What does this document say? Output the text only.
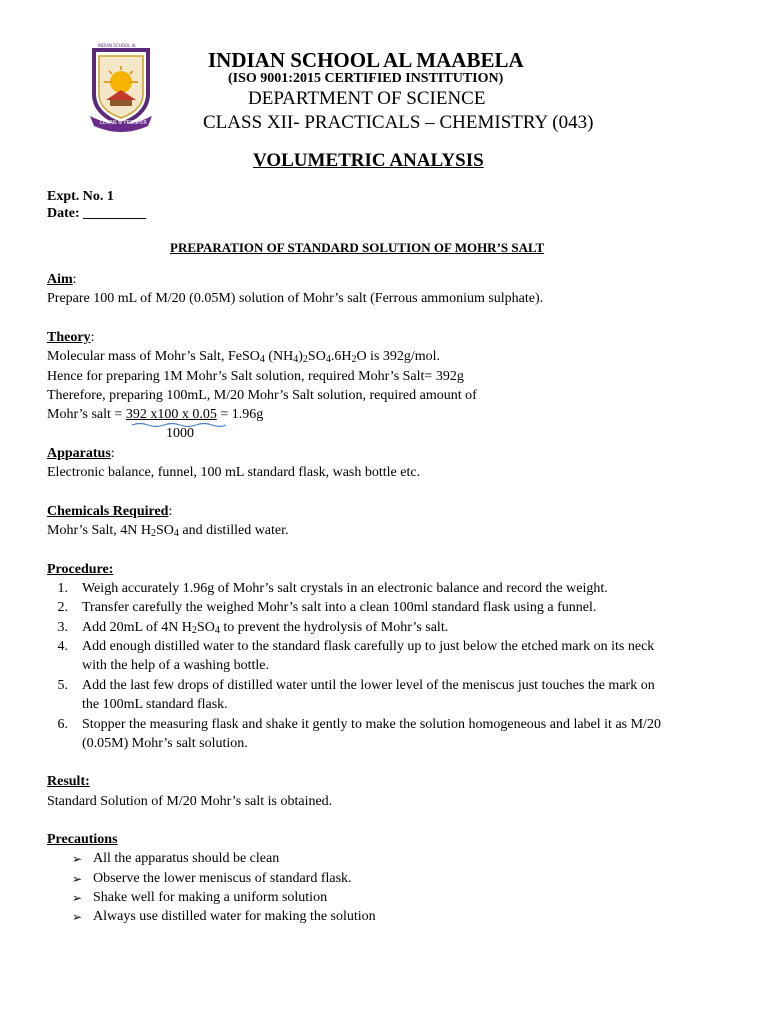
LEARN & PROSPER
INDIAN SCHOOL AL MAABELA	INDIAN SCHOOL AL MAABELA
(ISO 9001:2015 CERTIFIED INSTITUTION)
DEPARTMENT OF SCIENCE
CLASS XII- PRACTICALS – CHEMISTRY (043)
VOLUMETRIC ANALYSIS
Expt. No. 1
Date: _________
PREPARATION OF STANDARD SOLUTION OF MOHR’S SALT
Aim:
Prepare 100 mL of M/20 (0.05M) solution of Mohr’s salt (Ferrous ammonium sulphate).
Theory:
Molecular mass of Mohr’s Salt, FeSO$_4$ $(NH_4)_2SO_4.6H_2O$ is 392g/mol.
Hence for preparing 1M Mohr’s Salt solution, required Mohr’s Salt= 392g
Therefore, preparing 100mL, M/20 Mohr’s Salt solution, required amount of
Mohr’s salt = 392 x100 x 0.05 = 1.96g
1000
Apparatus:
Electronic balance, funnel, 100 mL standard flask, wash bottle etc.
Chemicals Required:
Mohr’s Salt, 4N $H_2SO_4$ and distilled water.
Procedure:
1. Weigh accurately 1.96g of Mohr’s salt crystals in an electronic balance and record the weight.
2. Transfer carefully the weighed Mohr’s salt into a clean 100ml standard flask using a funnel.
3. Add 20mL of 4N $H_2SO_4$ to prevent the hydrolysis of Mohr’s salt.
4. Add enough distilled water to the standard flask carefully up to just below the etched mark on its neck
with the help of a washing bottle.
5. Add the last few drops of distilled water until the lower level of the meniscus just touches the mark on
the 100mL standard flask.
6. Stopper the measuring flask and shake it gently to make the solution homogeneous and label it as M/20
(0.05M) Mohr’s salt solution.
Result:
Standard Solution of M/20 Mohr’s salt is obtained.
Precautions
➢ All the apparatus should be clean
➢ Observe the lower meniscus of standard flask.
➢ Shake well for making a uniform solution
➢ Always use distilled water for making the solution
